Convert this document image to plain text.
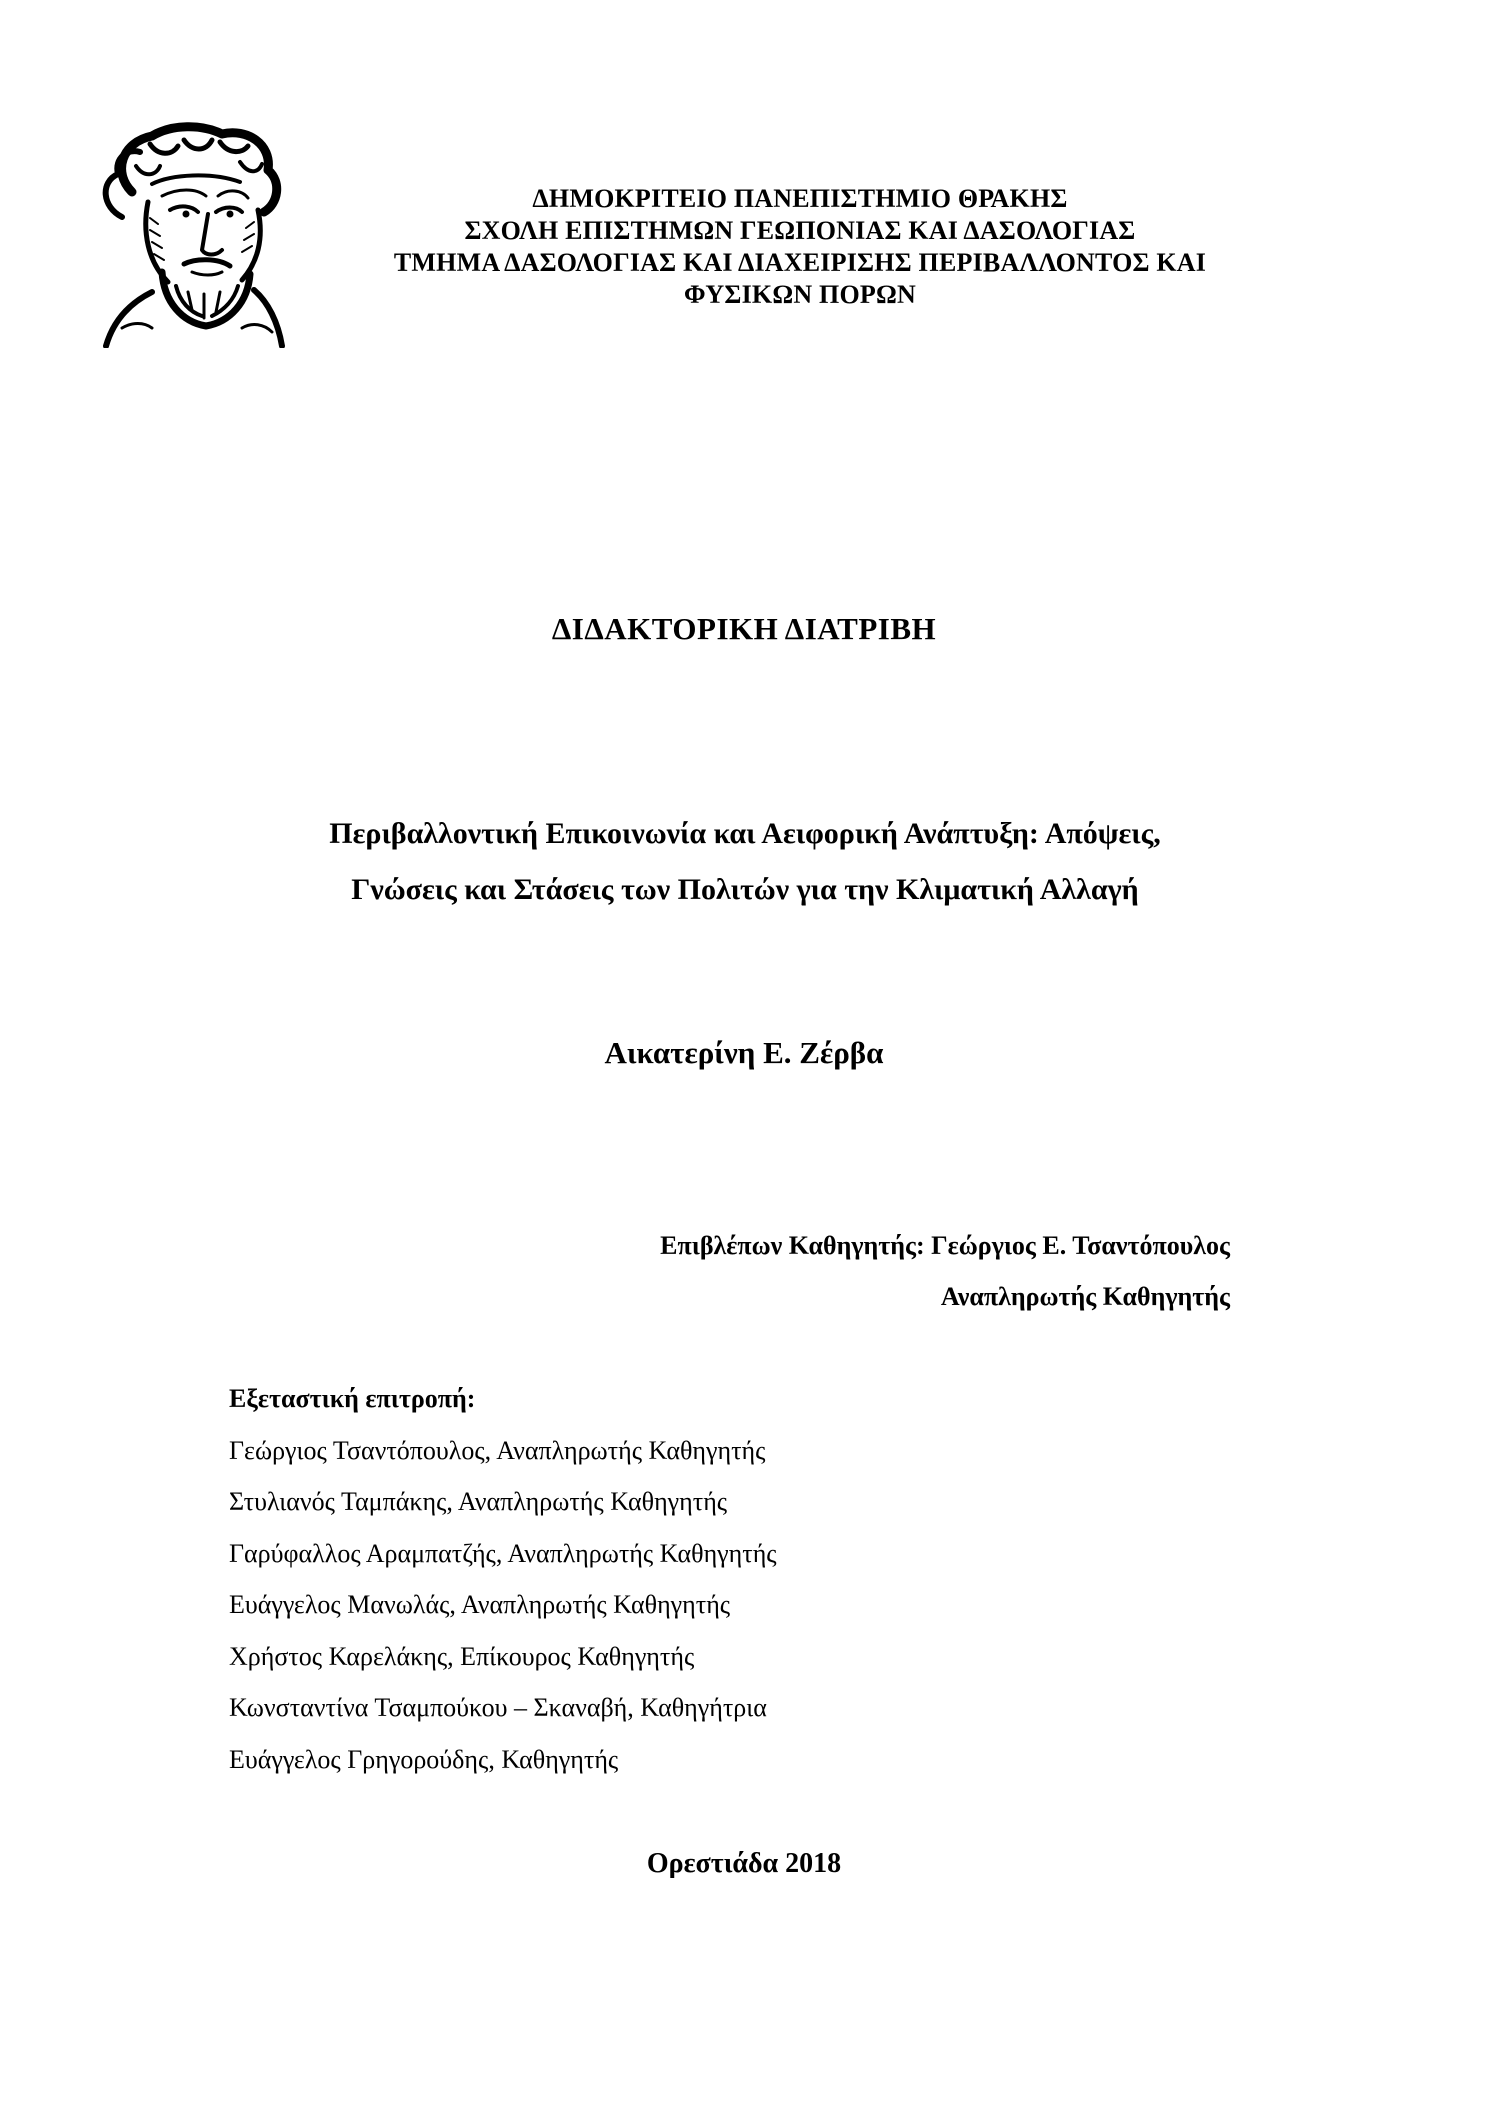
ΔΗΜΟΚΡΙΤΕΙΟ ΠΑΝΕΠΙΣΤΗΜΙΟ ΘΡΑΚΗΣ
ΣΧΟΛΗ ΕΠΙΣΤΗΜΩΝ ΓΕΩΠΟΝΙΑΣ ΚΑΙ ΔΑΣΟΛΟΓΙΑΣ
ΤΜΗΜΑ ΔΑΣΟΛΟΓΙΑΣ ΚΑΙ ΔΙΑΧΕΙΡΙΣΗΣ ΠΕΡΙΒΑΛΛΟΝΤΟΣ ΚΑΙ
ΦΥΣΙΚΩΝ ΠΟΡΩΝ
ΔΙΔΑΚΤΟΡΙΚΗ ΔΙΑΤΡΙΒΗ
Περιβαλλοντική Επικοινωνία και Αειφορική Ανάπτυξη: Απόψεις,
Γνώσεις και Στάσεις των Πολιτών για την Κλιματική Αλλαγή
Αικατερίνη Ε. Ζέρβα
Επιβλέπων Καθηγητής: Γεώργιος Ε. Τσαντόπουλος
Αναπληρωτής Καθηγητής
Εξεταστική επιτροπή:
Γεώργιος Τσαντόπουλος, Αναπληρωτής Καθηγητής
Στυλιανός Ταμπάκης, Αναπληρωτής Καθηγητής
Γαρύφαλλος Αραμπατζής, Αναπληρωτής Καθηγητής
Ευάγγελος Μανωλάς, Αναπληρωτής Καθηγητής
Χρήστος Καρελάκης, Επίκουρος Καθηγητής
Κωνσταντίνα Τσαμπούκου – Σκαναβή, Καθηγήτρια
Ευάγγελος Γρηγορούδης, Καθηγητής
Ορεστιάδα 2018
